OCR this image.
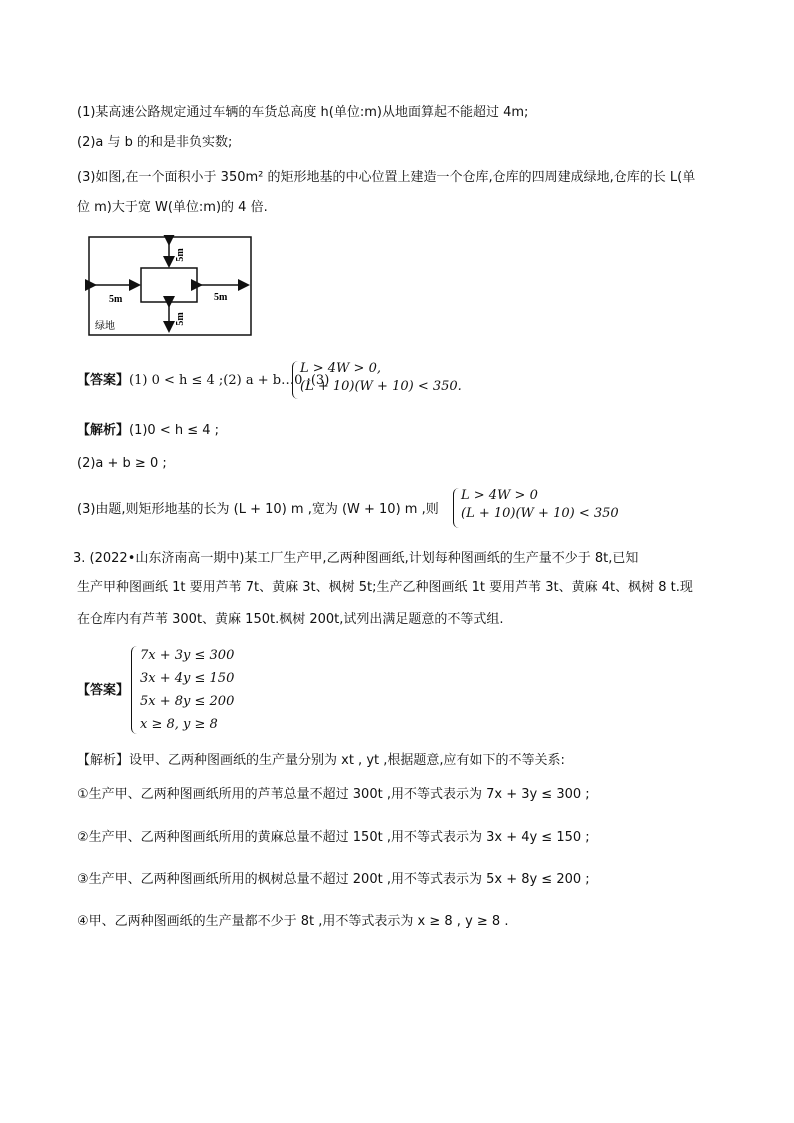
(1)某高速公路规定通过车辆的车货总高度 h(单位:m)从地面算起不能超过 4m;
(2)a 与 b 的和是非负实数;
(3)如图,在一个面积小于 350m² 的矩形地基的中心位置上建造一个仓库,仓库的四周建成绿地,仓库的长 L(单
位 m)大于宽 W(单位:m)的 4 倍.
5m
5m
5m	5m
绿地
【答案】(1) 0 < h ≤ 4 ;(2) a + b…0 ;(3)
L > 4W > 0,
(L + 10)(W + 10) < 350.
【解析】(1)0 < h ≤ 4 ;
(2)a + b ≥ 0 ;
(3)由题,则矩形地基的长为 (L + 10) m ,宽为 (W + 10) m ,则
L > 4W > 0
(L + 10)(W + 10) < 350
3. (2022•山东济南高一期中)某工厂生产甲,乙两种图画纸,计划每种图画纸的生产量不少于 8t,已知
生产甲种图画纸 1t 要用芦苇 7t、黄麻 3t、枫树 5t;生产乙种图画纸 1t 要用芦苇 3t、黄麻 4t、枫树 8 t.现
在仓库内有芦苇 300t、黄麻 150t.枫树 200t,试列出满足题意的不等式组.
【答案】
7x + 3y ≤ 300
3x + 4y ≤ 150
5x + 8y ≤ 200
x ≥ 8, y ≥ 8
【解析】设甲、乙两种图画纸的生产量分别为 xt , yt ,根据题意,应有如下的不等关系:
①生产甲、乙两种图画纸所用的芦苇总量不超过 300t ,用不等式表示为 7x + 3y ≤ 300 ;
②生产甲、乙两种图画纸所用的黄麻总量不超过 150t ,用不等式表示为 3x + 4y ≤ 150 ;
③生产甲、乙两种图画纸所用的枫树总量不超过 200t ,用不等式表示为 5x + 8y ≤ 200 ;
④甲、乙两种图画纸的生产量都不少于 8t ,用不等式表示为 x ≥ 8 , y ≥ 8 .
